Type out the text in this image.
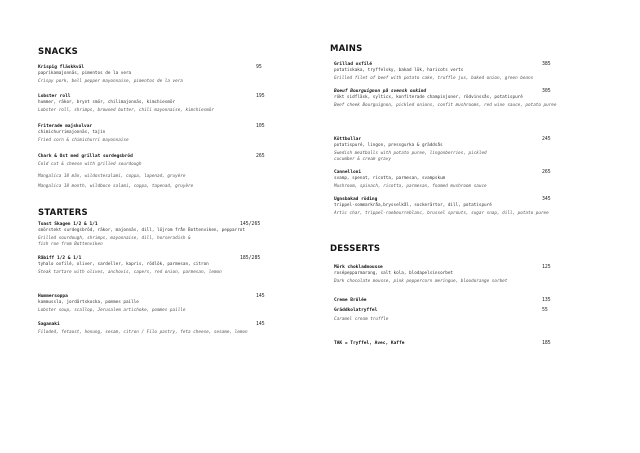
SNACKS
Krispig fläskkväl	95
paprikamajonnäs, pimentos de la vera
Crispy pork, bell pepper mayonnaise, pimentos de la vera
Lobster roll	195
hummer, räkor, brynt smör, chilimajonnäs, kimchiesmör
Lobster roll, shrimps, browned butter, chili mayonnaise, kimchiesmör
Friterade majskolvar	105
chimichurrimajonnäs, tajín
Fried corn & chimichurri mayonnaise
Chark & Ost med grillat surdegsbröd	265
Cold cut & cheese with grilled sourdough
Mangalica 18 mån, wildostesalami, coppa, lapenad, gruyère
Mangalica 18 month, wildboce salami, coppa, tapenad, gruyère
STARTERS
Toast Skagen 1/2 & 1/1	145/265
smörstekt surdegsbröd, räkor, majonnäs, dill, löjrom från Bottenviken, pepparrot
Grilled sourdough, shrimps, mayonnaise, dill, horseradish & fish roe from Bottenviken
Råbiff 1/2 & 1/1	185/285
tyhalo oxfilé, oliver, sardeller, kapris, rödlök, parmesan, citron
Steak tartare with olives, anchovis, capers, red onion, parmesan, lemon
Hummersoppa	145
kammussla, jordärtskocka, pommes paille
Lobster soup, scallop, Jerusalem artichoke, pommes paille
Saganaki	145
Filoded, fetaost, honung, sesam, citron / Filo pastry, feta cheese, sesame, lemon
MAINS
Grillad oxfilé	385
potatiskaka, tryffelsky, bakad lök, haricots verts
Grilled filet of beef with potato cake, truffle jus, baked onion, green beans
Boeuf Bourguignon på svensk oxkind	305
rökt sidfläsk, sylticx, konfiterade champinjoner, rödvinssås, potatispuré
Beef cheek Bourguignon, pickled onions, confit mushrooms, red wine sauce, potato puree
Köttbullar	245
potatispuré, lingon, pressgurka & gräddsås
Swedish meatballs with potato puree, lingonberries, pickled cucumber & cream gravy
Cannelloni	265
svamp, spenat, ricotta, parmesan, svampskum
Mushroom, spinach, ricotta, parmesan, foamed mushroom sauce
Ugnsbakad röding	345
trippel-sommarkråa,brysselkål, sockerärtor, dill, potatispuré
Artic char, trippel-roebeurreblanc, brussel sprouts, sugar snap, dill, potato puree
DESSERTS
Mörk chokladmousse	125
rosépepparmarang, salt kola, blodapelsinsorbet
Dark chocolate mousse, pink peppercorn meringue, bloodorange sorbet
Creme Brûlée	135
Gräddkolatryffel	55
Caramel cream truffle
TAK = Tryffel, Avec, Kaffe	185
